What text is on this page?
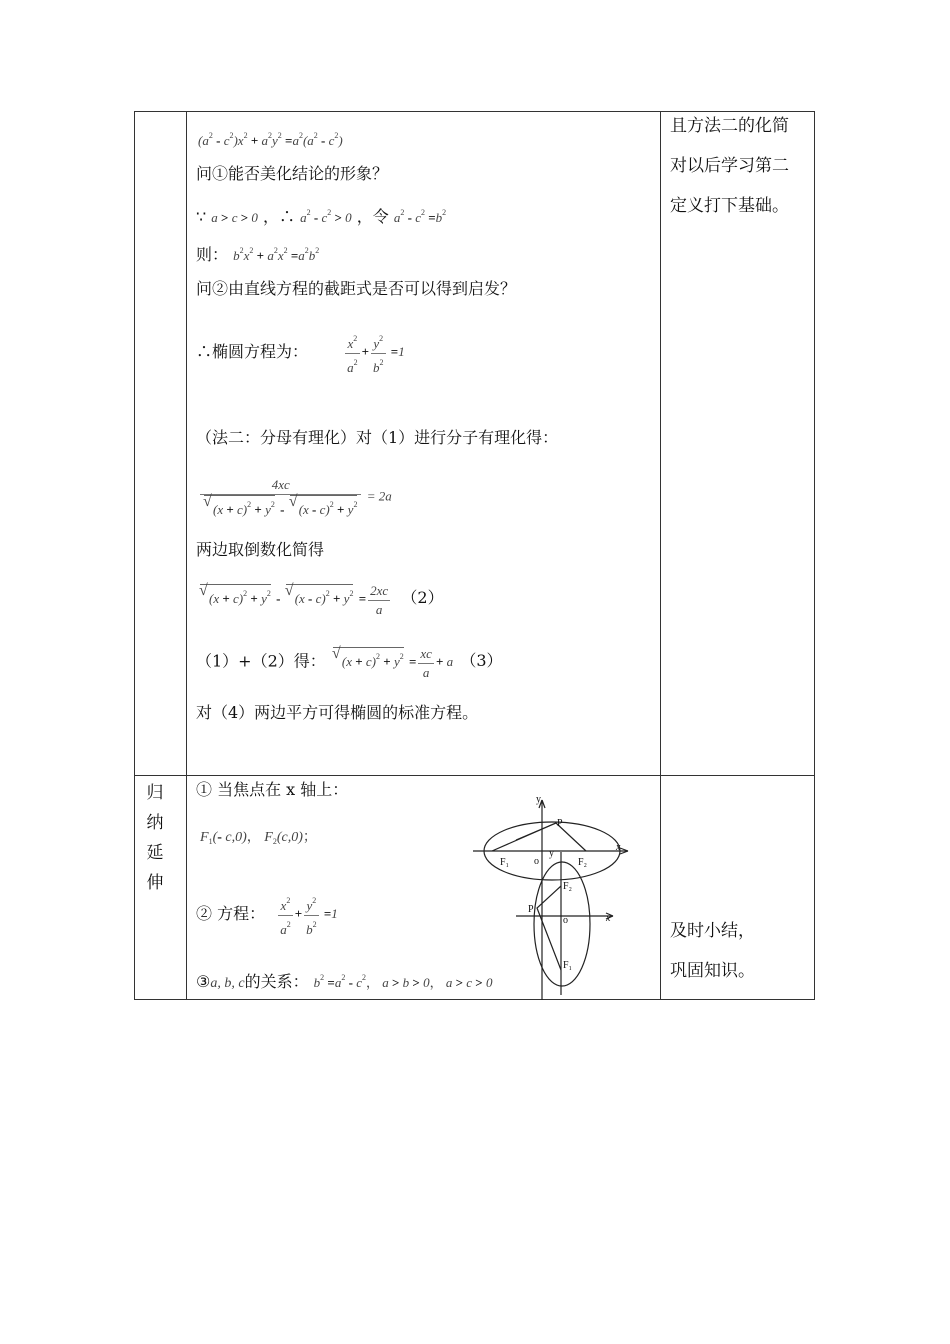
$(a^2 - c^2)x^2 + a^2y^2 =a^2(a^2 - c^2)$
问①能否美化结论的形象？
∵ a > c > 0 ，∴ $a^2 - c^2 > 0$ ，令 $a^2 - c^2 =b^2$
则： $b^2x^2 + a^2x^2 =a^2b^2$
问②由直线方程的截距式是否可以得到启发？
∴椭圆方程为：	$\frac{x^2}{a^2} + \frac{y^2}{b^2} =1$
（法二：分母有理化）对（1）进行分子有理化得：
4xc
√ $(x + c)^2 + y^2$ - √ $(x - c)^2 + y^2 = 2a$
两边取倒数化简得
√ $(x + c)^2 + y^2$ - √ $(x - c)^2 + y^2 = \frac{2xc}{a} (2)$
（1）+（2）得： √ $(x + c)^2 + y^2 = \frac{xc}{a} + a$ （3）
对（4）两边平方可得椭圆的标准方程。
且方法二的化简
对以后学习第二
定义打下基础。
归
纳
延
伸
① 当焦点在 x 轴上：
$F_1(-$ c,0)， $F_2(c,0)$；
② 方程： $\frac{x^2}{a^2} + \frac{y^2}{b^2} =1$
③a, b, c的关系： $b^2 =a^2 - c^2$， a > b > 0， a > c > 0
y
P
x
F₁ o	F₂
y
F₂
P
o	x
F₁
及时小结，
巩固知识。
